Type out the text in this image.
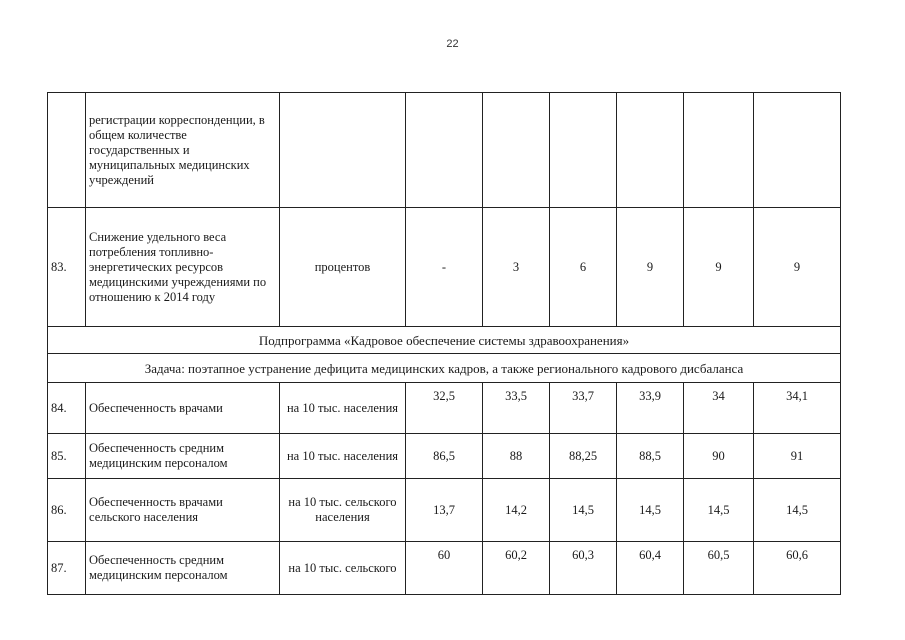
22
	регистрации корреспонденции, в общем количестве государственных и муниципальных медицинских учреждений							
83.	Снижение удельного веса потребления топливно-энергетических ресурсов медицинскими учреждениями по отношению к 2014 году	процентов	-	3	6	9	9	9
Подпрограмма «Кадровое обеспечение системы здравоохранения»								
Задача: поэтапное устранение дефицита медицинских кадров, а также регионального кадрового дисбаланса								
84.	Обеспеченность врачами	на 10 тыс. населения	32,5	33,5	33,7	33,9	34	34,1
85.	Обеспеченность средним медицинским персоналом	на 10 тыс. населения	86,5	88	88,25	88,5	90	91
86.	Обеспеченность врачами сельского населения	на 10 тыс. сельского населения	13,7	14,2	14,5	14,5	14,5	14,5
87.	Обеспеченность средним медицинским персоналом	на 10 тыс. сельского	60	60,2	60,3	60,4	60,5	60,6
